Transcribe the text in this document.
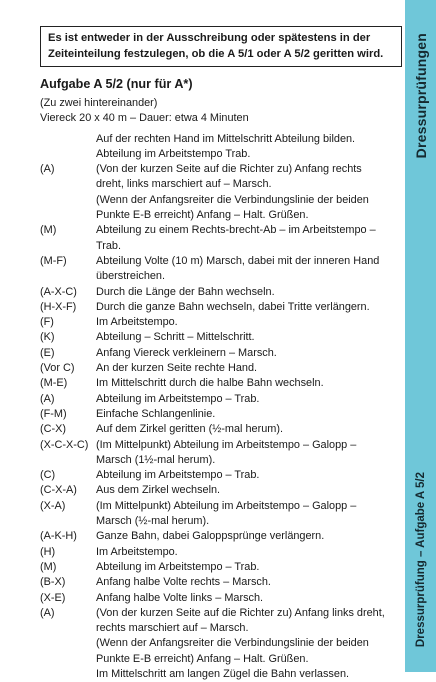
Es ist entweder in der Ausschreibung oder spätestens in der Zeiteinteilung festzulegen, ob die A 5/1 oder A 5/2 geritten wird.
Aufgabe A 5/2 (nur für A*)
(Zu zwei hintereinander)
Viereck 20 x 40 m – Dauer: etwa 4 Minuten
Auf der rechten Hand im Mittelschritt Abteilung bilden.
Abteilung im Arbeitstempo Trab.
(A)	(Von der kurzen Seite auf die Richter zu) Anfang rechts
dreht, links marschiert auf – Marsch.
(Wenn der Anfangsreiter die Verbindungslinie der beiden
Punkte E-B erreicht) Anfang – Halt. Grüßen.
(M)	Abteilung zu einem Rechts-brecht-Ab – im Arbeitstempo –
Trab.
(M-F)	Abteilung Volte (10 m) Marsch, dabei mit der inneren Hand
überstreichen.
(A-X-C)	Durch die Länge der Bahn wechseln.
(H-X-F)	Durch die ganze Bahn wechseln, dabei Tritte verlängern.
(F)	Im Arbeitstempo.
(K)	Abteilung – Schritt – Mittelschritt.
(E)	Anfang Viereck verkleinern – Marsch.
(Vor C)	An der kurzen Seite rechte Hand.
(M-E)	Im Mittelschritt durch die halbe Bahn wechseln.
(A)	Abteilung im Arbeitstempo – Trab.
(F-M)	Einfache Schlangenlinie.
(C-X)	Auf dem Zirkel geritten (½-mal herum).
(X-C-X-C) (Im Mittelpunkt) Abteilung im Arbeitstempo – Galopp –
Marsch (1½-mal herum).
(C)	Abteilung im Arbeitstempo – Trab.
(C-X-A)	Aus dem Zirkel wechseln.
(X-A)	(Im Mittelpunkt) Abteilung im Arbeitstempo – Galopp –
Marsch (½-mal herum).
(A-K-H)	Ganze Bahn, dabei Galoppsprünge verlängern.
(H)	Im Arbeitstempo.
(M)	Abteilung im Arbeitstempo – Trab.
(B-X)	Anfang halbe Volte rechts – Marsch.
(X-E)	Anfang halbe Volte links – Marsch.
(A)	(Von der kurzen Seite auf die Richter zu) Anfang links dreht,
rechts marschiert auf – Marsch.
(Wenn der Anfangsreiter die Verbindungslinie der beiden
Punkte E-B erreicht) Anfang – Halt. Grüßen.
Im Mittelschritt am langen Zügel die Bahn verlassen.
Dressurprüfungen
Dressurprüfung – Aufgabe A 5/2
